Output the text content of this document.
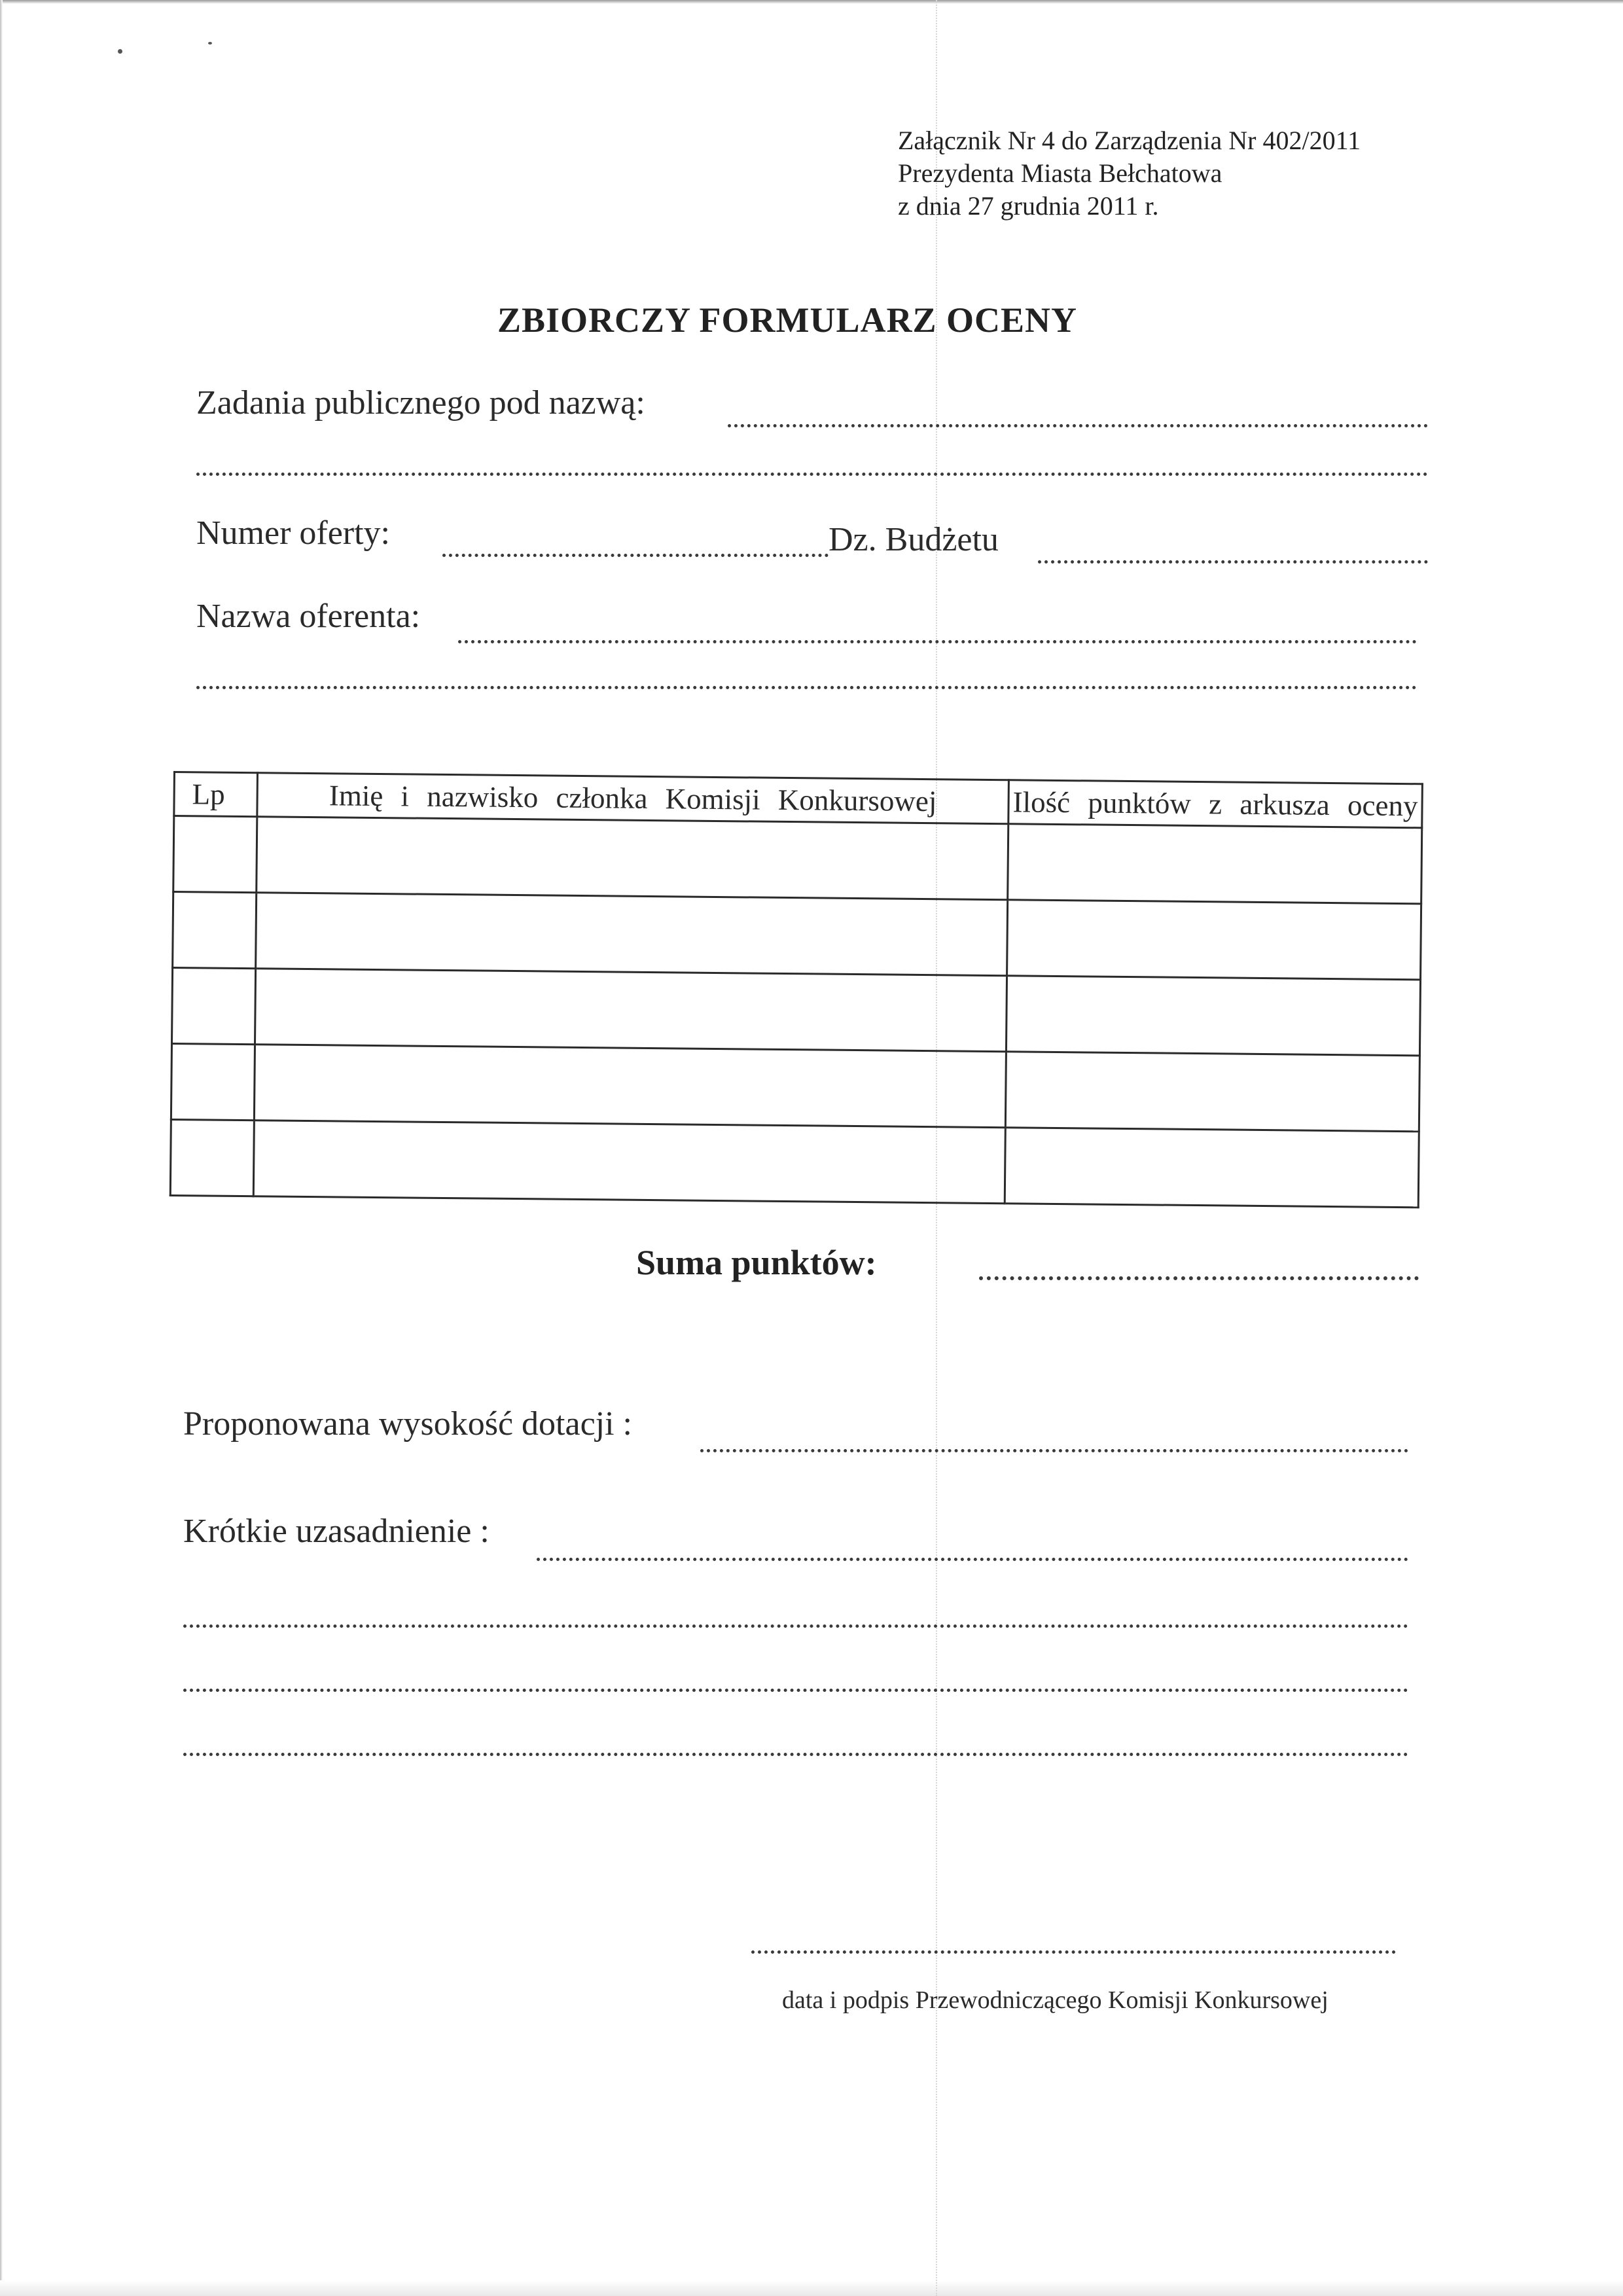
Załącznik Nr 4 do Zarządzenia Nr 402/2011
Prezydenta Miasta Bełchatowa
z dnia 27 grudnia 2011 r.
ZBIORCZY FORMULARZ OCENY
Zadania publicznego pod nazwą:
Numer oferty:	Dz. Budżetu
Nazwa oferenta:
Lp	Imię i nazwisko członka Komisji Konkursowej	Ilość punktów z arkusza oceny

Suma punktów:
Proponowana wysokość dotacji :
Krótkie uzasadnienie :
data i podpis Przewodniczącego Komisji Konkursowej
